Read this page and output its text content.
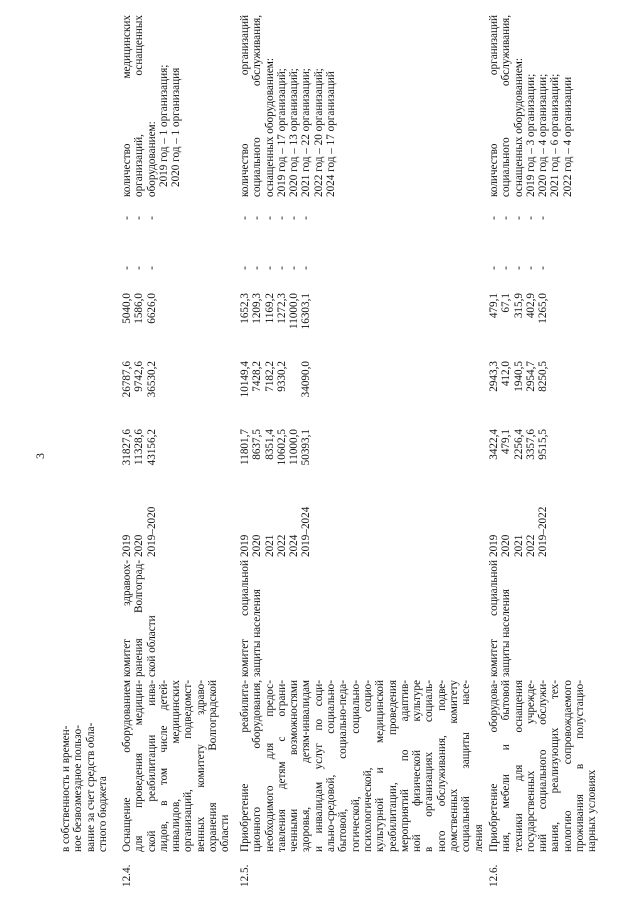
3
в собственность и времен- ное безвозмездное пользо- вание за счет средств обла- стного бюджета
12.4.
Оснащение оборудованием для проведения медицин- ской реабилитации инва- лидов, в том числе детей- инвалидов, медицинских организаций, подведомст- венных комитету здраво- охранения Волгоградской области
комитет здравоох- ранения Волгоград- ской области
2019 2020 2019–2020
31827,6 11328,6 43156,2
26787,6 9742,6 36530,2
5040,0 1586,0 6626,0
- - -
- - -
количество медицинских организаций, оснащенных оборудованием: 2019 год – 1 организация; 2020 год – 1 организация
12.5.
Приобретение реабилита- ционного оборудования, необходимого для предос- тавления детям с ограни- ченными возможностями здоровья, детям-инвалидам и инвалидам услуг по соци- ально-средовой, социально- бытовой, социально-педа- гогической, социально- психологической, социо- культурной и медицинской реабилитации, проведения мероприятий по адаптив- ной физической культуре в организациях социаль- ного обслуживания, подве- домственных комитету социальной защиты насе- ления
комитет социальной защиты населения
2019 2020 2021 2022 2024 2019–2024
11801,7 8637,5 8351,4 10602,5 11000,0 50393,1
10149,4 7428,2 7182,2 9330,2 34090,0
1652,3 1209,3 1169,2 1272,3 11000,0 16303,1
- - - - - -
- - - - - -
количество организаций социального обслуживания, оснащенных оборудованием: 2019 год – 17 организаций; 2020 год – 13 организаций; 2021 год – 22 организации; 2022 год – 20 организаций; 2024 год – 17 организаций
12.6.
Приобретение оборудова- ния, мебели и бытовой техники для оснащения государственных учрежде- ний социального обслужи- вания, реализующих тех- нологию сопровождаемого проживания в полустацио- нарных условиях
комитет социальной защиты населения
2019 2020 2021 2022 2019–2022
3422,4 479,1 2256,4 3357,6 9515,5
2943,3 412,0 1940,5 2954,7 8250,5
479,1 67,1 315,9 402,9 1265,0
- - - - -
- - - - -
количество организаций социального обслуживания, оснащенных оборудованием: 2019 год – 3 организации; 2020 год – 4 организации; 2021 год – 6 организаций; 2022 год – 4 организации
